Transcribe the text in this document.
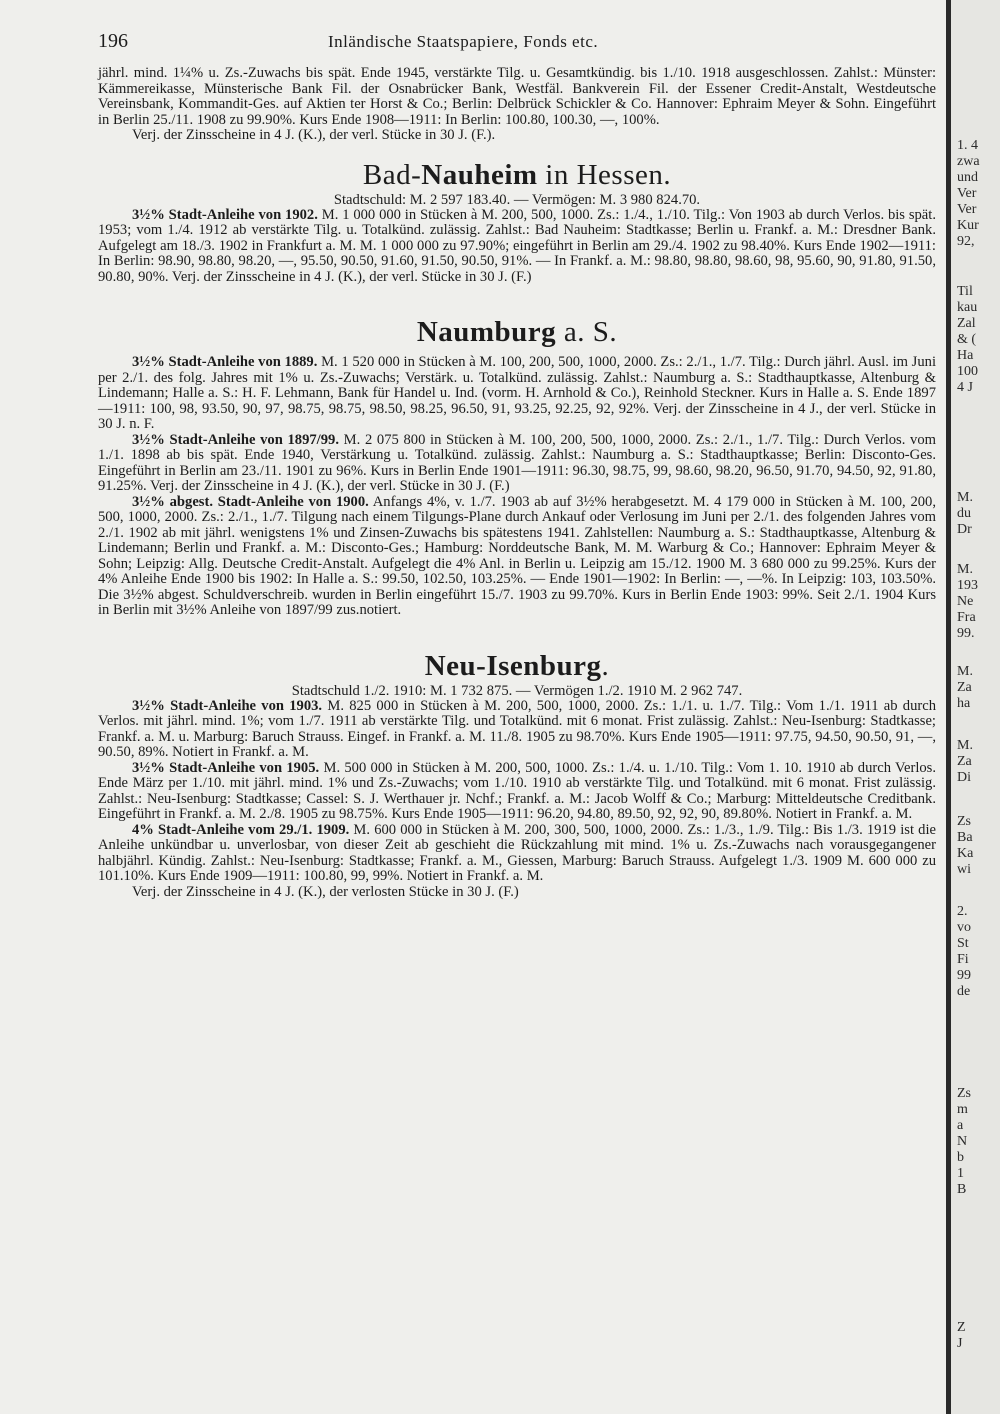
196	Inländische Staatspapiere, Fonds etc.

jährl. mind. 1¼% u. Zs.-Zuwachs bis spät. Ende 1945, verstärkte Tilg. u. Gesamtkündig. bis 1./10. 1918 ausgeschlossen. Zahlst.: Münster: Kämmereikasse, Münsterische Bank Fil. der Osnabrücker Bank, Westfäl. Bankverein Fil. der Essener Credit-Anstalt, Westdeutsche Vereinsbank, Kommandit-Ges. auf Aktien ter Horst & Co.; Berlin: Delbrück Schickler & Co. Hannover: Ephraim Meyer & Sohn. Eingeführt in Berlin 25./11. 1908 zu 99.90%. Kurs Ende 1908—1911: In Berlin: 100.80, 100.30, —, 100%.

Verj. der Zinsscheine in 4 J. (K.), der verl. Stücke in 30 J. (F.).

Bad-Nauheim in Hessen.

Stadtschuld: M. 2 597 183.40. — Vermögen: M. 3 980 824.70.

3½% Stadt-Anleihe von 1902. M. 1 000 000 in Stücken à M. 200, 500, 1000. Zs.: 1./4., 1./10. Tilg.: Von 1903 ab durch Verlos. bis spät. 1953; vom 1./4. 1912 ab verstärkte Tilg. u. Totalkünd. zulässig. Zahlst.: Bad Nauheim: Stadtkasse; Berlin u. Frankf. a. M.: Dresdner Bank. Aufgelegt am 18./3. 1902 in Frankfurt a. M. M. 1 000 000 zu 97.90%; eingeführt in Berlin am 29./4. 1902 zu 98.40%. Kurs Ende 1902—1911: In Berlin: 98.90, 98.80, 98.20, —, 95.50, 90.50, 91.60, 91.50, 90.50, 91%. — In Frankf. a. M.: 98.80, 98.80, 98.60, 98, 95.60, 90, 91.80, 91.50, 90.80, 90%. Verj. der Zinsscheine in 4 J. (K.), der verl. Stücke in 30 J. (F.)

Naumburg a. S.

3½% Stadt-Anleihe von 1889. M. 1 520 000 in Stücken à M. 100, 200, 500, 1000, 2000. Zs.: 2./1., 1./7. Tilg.: Durch jährl. Ausl. im Juni per 2./1. des folg. Jahres mit 1% u. Zs.-Zuwachs; Verstärk. u. Totalkünd. zulässig. Zahlst.: Naumburg a. S.: Stadthauptkasse, Altenburg & Lindemann; Halle a. S.: H. F. Lehmann, Bank für Handel u. Ind. (vorm. H. Arnhold & Co.), Reinhold Steckner. Kurs in Halle a. S. Ende 1897—1911: 100, 98, 93.50, 90, 97, 98.75, 98.75, 98.50, 98.25, 96.50, 91, 93.25, 92.25, 92, 92%. Verj. der Zinsscheine in 4 J., der verl. Stücke in 30 J. n. F.

3½% Stadt-Anleihe von 1897/99. M. 2 075 800 in Stücken à M. 100, 200, 500, 1000, 2000. Zs.: 2./1., 1./7. Tilg.: Durch Verlos. vom 1./1. 1898 ab bis spät. Ende 1940, Verstärkung u. Totalkünd. zulässig. Zahlst.: Naumburg a. S.: Stadthauptkasse; Berlin: Disconto-Ges. Eingeführt in Berlin am 23./11. 1901 zu 96%. Kurs in Berlin Ende 1901—1911: 96.30, 98.75, 99, 98.60, 98.20, 96.50, 91.70, 94.50, 92, 91.80, 91.25%. Verj. der Zinsscheine in 4 J. (K.), der verl. Stücke in 30 J. (F.)

3½% abgest. Stadt-Anleihe von 1900. Anfangs 4%, v. 1./7. 1903 ab auf 3½% herabgesetzt. M. 4 179 000 in Stücken à M. 100, 200, 500, 1000, 2000. Zs.: 2./1., 1./7. Tilgung nach einem Tilgungs-Plane durch Ankauf oder Verlosung im Juni per 2./1. des folgenden Jahres vom 2./1. 1902 ab mit jährl. wenigstens 1% und Zinsen-Zuwachs bis spätestens 1941. Zahlstellen: Naumburg a. S.: Stadthauptkasse, Altenburg & Lindemann; Berlin und Frankf. a. M.: Disconto-Ges.; Hamburg: Norddeutsche Bank, M. M. Warburg & Co.; Hannover: Ephraim Meyer & Sohn; Leipzig: Allg. Deutsche Credit-Anstalt. Aufgelegt die 4% Anl. in Berlin u. Leipzig am 15./12. 1900 M. 3 680 000 zu 99.25%. Kurs der 4% Anleihe Ende 1900 bis 1902: In Halle a. S.: 99.50, 102.50, 103.25%. — Ende 1901—1902: In Berlin: —, —%. In Leipzig: 103, 103.50%. Die 3½% abgest. Schuldverschreib. wurden in Berlin eingeführt 15./7. 1903 zu 99.70%. Kurs in Berlin Ende 1903: 99%. Seit 2./1. 1904 Kurs in Berlin mit 3½% Anleihe von 1897/99 zus.notiert.

Neu-Isenburg.

Stadtschuld 1./2. 1910: M. 1 732 875. — Vermögen 1./2. 1910 M. 2 962 747.

3½% Stadt-Anleihe von 1903. M. 825 000 in Stücken à M. 200, 500, 1000, 2000. Zs.: 1./1. u. 1./7. Tilg.: Vom 1./1. 1911 ab durch Verlos. mit jährl. mind. 1%; vom 1./7. 1911 ab verstärkte Tilg. und Totalkünd. mit 6 monat. Frist zulässig. Zahlst.: Neu-Isenburg: Stadtkasse; Frankf. a. M. u. Marburg: Baruch Strauss. Eingef. in Frankf. a. M. 11./8. 1905 zu 98.70%. Kurs Ende 1905—1911: 97.75, 94.50, 90.50, 91, —, 90.50, 89%. Notiert in Frankf. a. M.

3½% Stadt-Anleihe von 1905. M. 500 000 in Stücken à M. 200, 500, 1000. Zs.: 1./4. u. 1./10. Tilg.: Vom 1. 10. 1910 ab durch Verlos. Ende März per 1./10. mit jährl. mind. 1% und Zs.-Zuwachs; vom 1./10. 1910 ab verstärkte Tilg. und Totalkünd. mit 6 monat. Frist zulässig. Zahlst.: Neu-Isenburg: Stadtkasse; Cassel: S. J. Werthauer jr. Nchf.; Frankf. a. M.: Jacob Wolff & Co.; Marburg: Mitteldeutsche Creditbank. Eingeführt in Frankf. a. M. 2./8. 1905 zu 98.75%. Kurs Ende 1905—1911: 96.20, 94.80, 89.50, 92, 92, 90, 89.80%. Notiert in Frankf. a. M.

4% Stadt-Anleihe vom 29./1. 1909. M. 600 000 in Stücken à M. 200, 300, 500, 1000, 2000. Zs.: 1./3., 1./9. Tilg.: Bis 1./3. 1919 ist die Anleihe unkündbar u. unverlosbar, von dieser Zeit ab geschieht die Rückzahlung mit mind. 1% u. Zs.-Zuwachs nach vorausgegangener halbjährl. Kündig. Zahlst.: Neu-Isenburg: Stadtkasse; Frankf. a. M., Giessen, Marburg: Baruch Strauss. Aufgelegt 1./3. 1909 M. 600 000 zu 101.10%. Kurs Ende 1909—1911: 100.80, 99, 99%. Notiert in Frankf. a. M.

Verj. der Zinsscheine in 4 J. (K.), der verlosten Stücke in 30 J. (F.)

1. 4
zwa
und
Ver
Ver
Kur
92,
Til
kau
Zal
& (
Ha
100
4 J
M.
du
Dr
M.
193
Ne
Fra
99.
M.
Za
ha
M.
Za
Di
Zs
Ba
Ka
wi
2.
vo
St
Fi
99
de
Zs
m
a
N
b
1
B
Z
J
